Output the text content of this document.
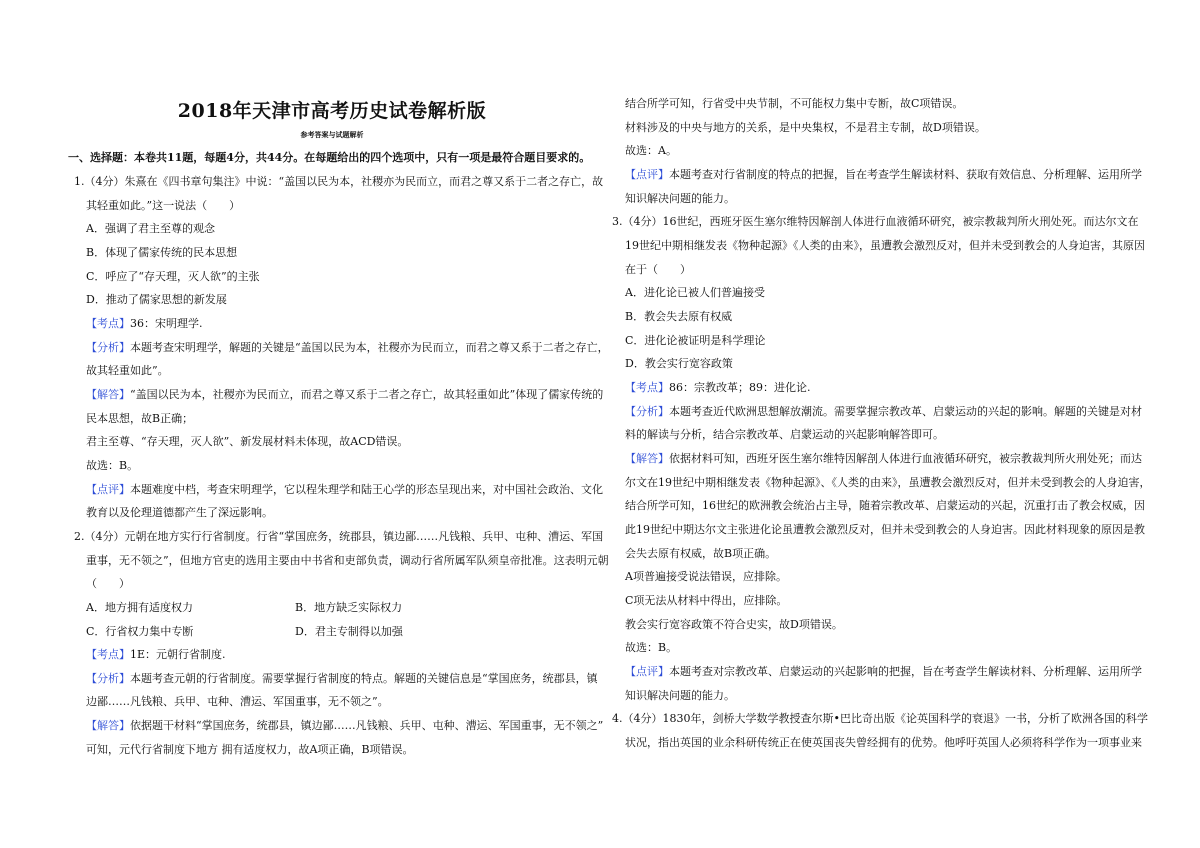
2018年天津市高考历史试卷解析版
参考答案与试题解析
一、选择题：本卷共11题，每题4分，共44分。在每题给出的四个选项中，只有一项是最符合题目要求的。
1.（4分）朱熹在《四书章句集注》中说：“盖国以民为本，社稷亦为民而立，而君之尊又系于二者之存亡，故
其轻重如此。”这一说法（　　）
A．强调了君主至尊的观念
B．体现了儒家传统的民本思想
C．呼应了“存天理，灭人欲”的主张
D．推动了儒家思想的新发展
【考点】36：宋明理学.
【分析】本题考查宋明理学，解题的关键是“盖国以民为本，社稷亦为民而立，而君之尊又系于二者之存亡，
故其轻重如此”。
【解答】“盖国以民为本，社稷亦为民而立，而君之尊又系于二者之存亡，故其轻重如此”体现了儒家传统的
民本思想，故B正确；
君主至尊、“存天理，灭人欲”、新发展材料未体现，故ACD错误。
故选：B。
【点评】本题难度中档，考查宋明理学，它以程朱理学和陆王心学的形态呈现出来，对中国社会政治、文化
教育以及伦理道德都产生了深远影响。
2.（4分）元朝在地方实行行省制度。行省“掌国庶务，统郡县，镇边鄙……凡钱粮、兵甲、屯种、漕运、军国
重事，无不领之”，但地方官吏的选用主要由中书省和吏部负责，调动行省所属军队须皇帝批准。这表明元朝
（　　）
A．地方拥有适度权力	B．地方缺乏实际权力
C．行省权力集中专断	D．君主专制得以加强
【考点】1E：元朝行省制度.
【分析】本题考查元朝的行省制度。需要掌握行省制度的特点。解题的关键信息是“掌国庶务，统郡县，镇
边鄙……凡钱粮、兵甲、屯种、漕运、军国重事，无不领之”。
【解答】依据题干材料“掌国庶务，统郡县，镇边鄙……凡钱粮、兵甲、屯种、漕运、军国重事，无不领之”
可知，元代行省制度下地方 拥有适度权力，故A项正确，B项错误。
结合所学可知，行省受中央节制，不可能权力集中专断，故C项错误。
材料涉及的中央与地方的关系，是中央集权，不是君主专制，故D项错误。
故选：A。
【点评】本题考查对行省制度的特点的把握，旨在考查学生解读材料、获取有效信息、分析理解、运用所学
知识解决问题的能力。
3.（4分）16世纪，西班牙医生塞尔维特因解剖人体进行血液循环研究，被宗教裁判所火刑处死。而达尔文在
19世纪中期相继发表《物种起源》《人类的由来》，虽遭教会激烈反对，但并未受到教会的人身迫害，其原因
在于（　　）
A．进化论已被人们普遍接受
B．教会失去原有权威
C．进化论被证明是科学理论
D．教会实行宽容政策
【考点】86：宗教改革；89：进化论.
【分析】本题考查近代欧洲思想解放潮流。需要掌握宗教改革、启蒙运动的兴起的影响。解题的关键是对材
料的解读与分析，结合宗教改革、启蒙运动的兴起影响解答即可。
【解答】依据材料可知，西班牙医生塞尔维特因解剖人体进行血液循环研究，被宗教裁判所火刑处死；而达
尔文在19世纪中期相继发表《物种起源》、《人类的由来》，虽遭教会激烈反对，但并未受到教会的人身迫害，
结合所学可知，16世纪的欧洲教会统治占主导，随着宗教改革、启蒙运动的兴起，沉重打击了教会权威，因
此19世纪中期达尔文主张进化论虽遭教会激烈反对，但并未受到教会的人身迫害。因此材料现象的原因是教
会失去原有权威，故B项正确。
A项普遍接受说法错误，应排除。
C项无法从材料中得出，应排除。
教会实行宽容政策不符合史实，故D项错误。
故选：B。
【点评】本题考查对宗教改革、启蒙运动的兴起影响的把握，旨在考查学生解读材料、分析理解、运用所学
知识解决问题的能力。
4.（4分）1830年，剑桥大学数学教授查尔斯•巴比奇出版《论英国科学的衰退》一书，分析了欧洲各国的科学
状况，指出英国的业余科研传统正在使英国丧失曾经拥有的优势。他呼吁英国人必须将科学作为一项事业来
